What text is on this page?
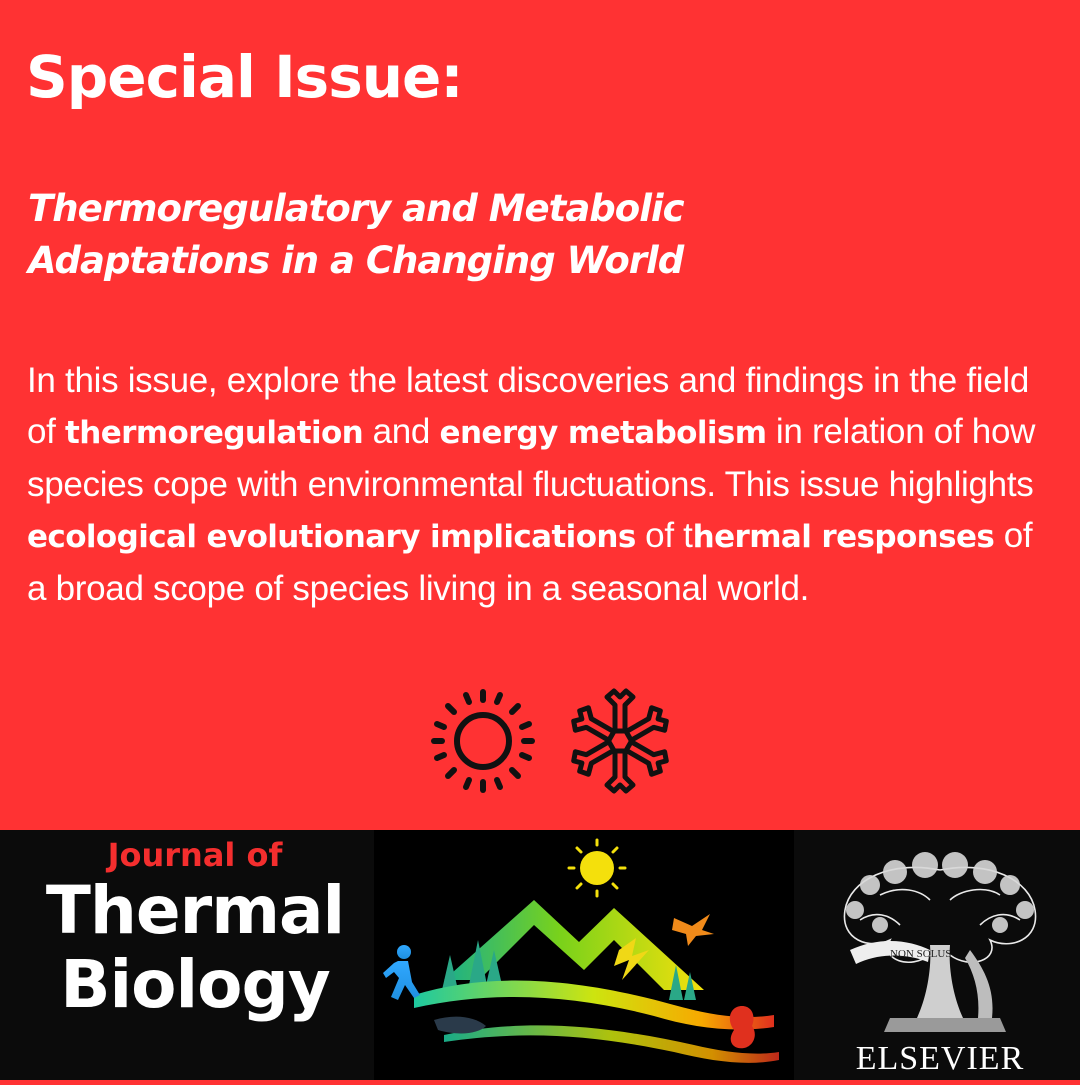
Special Issue:
Thermoregulatory and Metabolic
Adaptations in a Changing World

In this issue, explore the latest discoveries and findings in the field of thermoregulation and energy metabolism in relation of how species cope with environmental fluctuations. This issue highlights ecological evolutionary implications of thermal responses of a broad scope of species living in a seasonal world.

Journal of

Thermal

Biology	NON SOLUS

ELSEVIER
